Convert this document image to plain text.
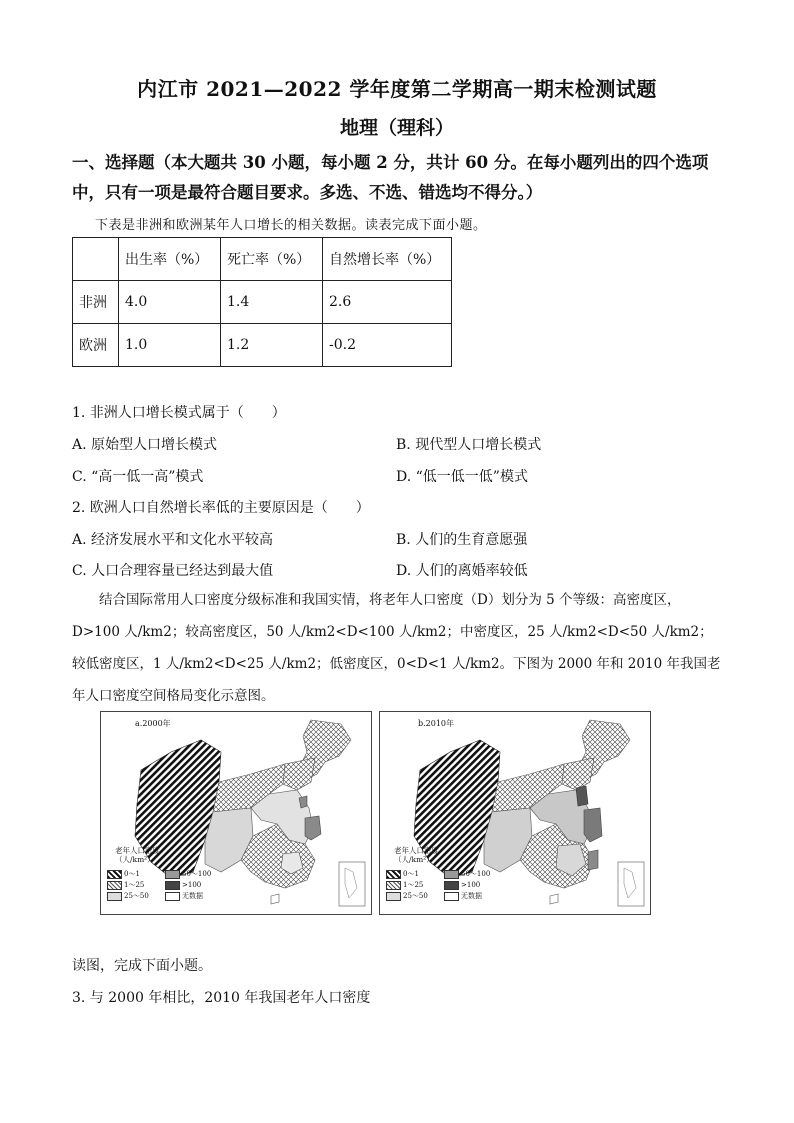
内江市 2021—2022 学年度第二学期高一期末检测试题
地理（理科）
一、选择题（本大题共 30 小题，每小题 2 分，共计 60 分。在每小题列出的四个选项中，只有一项是最符合题目要求。多选、不选、错选均不得分。）
下表是非洲和欧洲某年人口增长的相关数据。读表完成下面小题。
	出生率（%）	死亡率（%）	自然增长率（%）
非洲	4.0	1.4	2.6
欧洲	1.0	1.2	-0.2
1. 非洲人口增长模式属于（　　）
A. 原始型人口增长模式	B. 现代型人口增长模式
C. “高一低一高”模式	D. “低一低一低”模式
2. 欧洲人口自然增长率低的主要原因是（　　）
A. 经济发展水平和文化水平较高	B. 人们的生育意愿强
C. 人口合理容量已经达到最大值	D. 人们的离婚率较低
结合国际常用人口密度分级标准和我国实情，将老年人口密度（D）划分为 5 个等级：高密度区，D>100 人/km2；较高密度区，50 人/km2<D<100 人/km2；中密度区，25 人/km2<D<50 人/km2；较低密度区，1 人/km2<D<25 人/km2；低密度区，0<D<1 人/km2。下图为 2000 年和 2010 年我国老年人口密度空间格局变化示意图。
a.2000年
老年人口密度
（人/km²）
0～1	50～100
1～25	>100
25～50	无数据
b.2010年
老年人口密度
（人/km²）
0～1	50～100
1～25	>100
25～50	无数据
读图，完成下面小题。
3. 与 2000 年相比，2010 年我国老年人口密度
